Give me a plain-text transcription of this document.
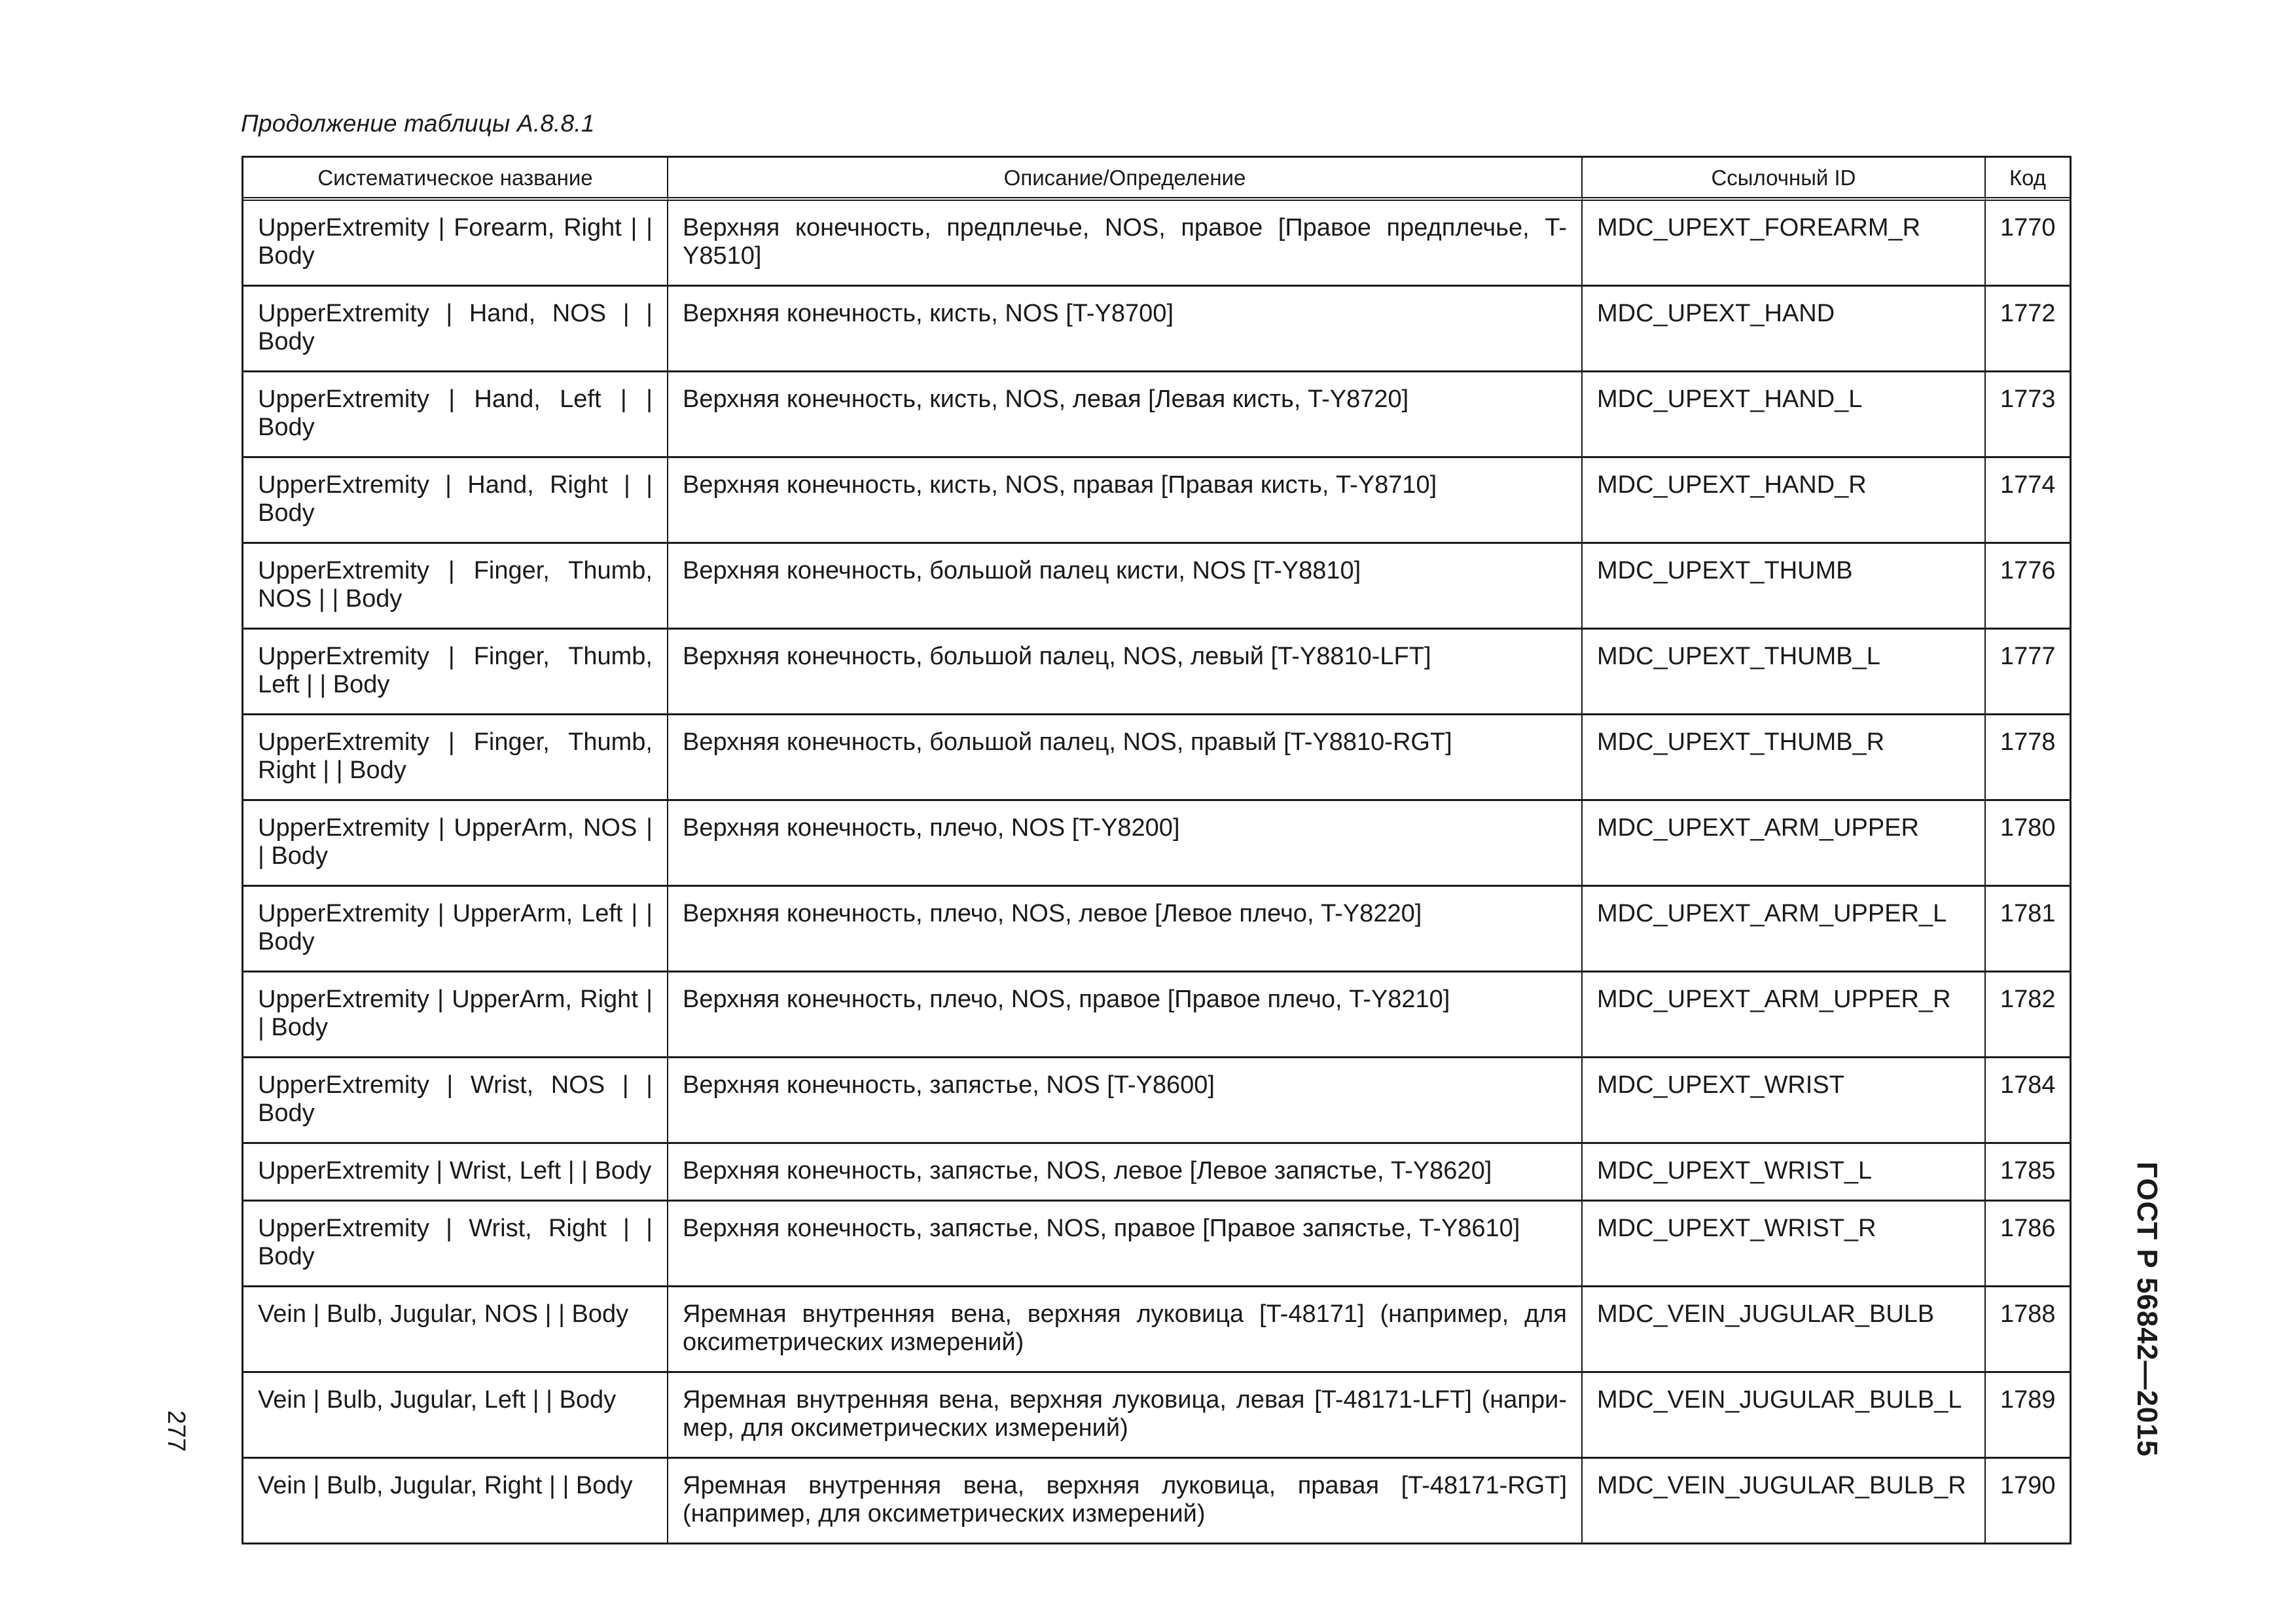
Продолжение таблицы А.8.8.1
Систематическое название	Описание/Определение	Ссылочный ID	Код
UpperExtremity | Forearm, Right | | Body	Верхняя конечность, предплечье, NOS, правое [Правое предплечье, T-Y8510]	MDC_UPEXT_FOREARM_R	1770
UpperExtremity | Hand, NOS | | Body	Верхняя конечность, кисть, NOS [T-Y8700]	MDC_UPEXT_HAND	1772
UpperExtremity | Hand, Left | | Body	Верхняя конечность, кисть, NOS, левая [Левая кисть, T-Y8720]	MDC_UPEXT_HAND_L	1773
UpperExtremity | Hand, Right | | Body	Верхняя конечность, кисть, NOS, правая [Правая кисть, T-Y8710]	MDC_UPEXT_HAND_R	1774
UpperExtremity | Finger, Thumb, NOS | | Body	Верхняя конечность, большой палец кисти, NOS [T-Y8810]	MDC_UPEXT_THUMB	1776
UpperExtremity | Finger, Thumb, Left | | Body	Верхняя конечность, большой палец, NOS, левый [T-Y8810-LFT]	MDC_UPEXT_THUMB_L	1777
UpperExtremity | Finger, Thumb, Right | | Body	Верхняя конечность, большой палец, NOS, правый [T-Y8810-RGT]	MDC_UPEXT_THUMB_R	1778
UpperExtremity | UpperArm, NOS | | Body	Верхняя конечность, плечо, NOS [T-Y8200]	MDC_UPEXT_ARM_UPPER	1780
UpperExtremity | UpperArm, Left | | Body	Верхняя конечность, плечо, NOS, левое [Левое плечо, T-Y8220]	MDC_UPEXT_ARM_UPPER_L	1781
UpperExtremity | UpperArm, Right | | Body	Верхняя конечность, плечо, NOS, правое [Правое плечо, T-Y8210]	MDC_UPEXT_ARM_UPPER_R	1782
UpperExtremity | Wrist, NOS | | Body	Верхняя конечность, запястье, NOS [T-Y8600]	MDC_UPEXT_WRIST	1784
UpperExtremity | Wrist, Left | | Body	Верхняя конечность, запястье, NOS, левое [Левое запястье, T-Y8620]	MDC_UPEXT_WRIST_L	1785
UpperExtremity | Wrist, Right | | Body	Верхняя конечность, запястье, NOS, правое [Правое запястье, T-Y8610]	MDC_UPEXT_WRIST_R	1786
Vein | Bulb, Jugular, NOS | | Body	Яремная внутренняя вена, верхняя луковица [T-48171] (например, для оксиmетрических измерений)	MDC_VEIN_JUGULAR_BULB	1788
Vein | Bulb, Jugular, Left | | Body	Яремная внутренняя вена, верхняя луковица, левая [T-48171-LFT] (например, для оксиметрических измерений)	MDC_VEIN_JUGULAR_BULB_L	1789
Vein | Bulb, Jugular, Right | | Body	Яремная внутренняя вена, верхняя луковица, правая [T-48171-RGT] (например, для оксиметрических измерений)	MDC_VEIN_JUGULAR_BULB_R	1790
277	ГОСТ Р 56842—2015
